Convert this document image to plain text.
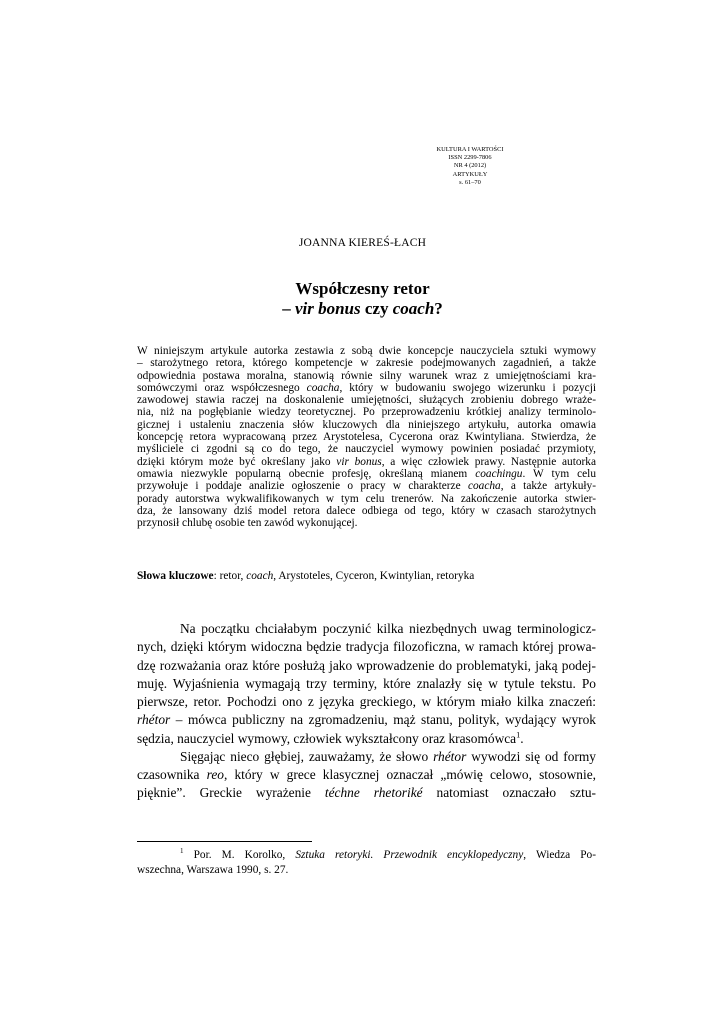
KULTURA I WARTOŚCI
ISSN 2299-7806
NR 4 (2012)
ARTYKUŁY
s. 61–70
JOANNA KIEREŚ-ŁACH
Współczesny retor
– vir bonus czy coach?
W niniejszym artykule autorka zestawia z sobą dwie koncepcje nauczyciela sztuki wymowy
– starożytnego retora, którego kompetencje w zakresie podejmowanych zagadnień, a także
odpowiednia postawa moralna, stanowią równie silny warunek wraz z umiejętnościami kra-
somówczymi oraz współczesnego coacha, który w budowaniu swojego wizerunku i pozycji
zawodowej stawia raczej na doskonalenie umiejętności, służących zrobieniu dobrego wraże-
nia, niż na pogłębianie wiedzy teoretycznej. Po przeprowadzeniu krótkiej analizy terminolo-
gicznej i ustaleniu znaczenia słów kluczowych dla niniejszego artykułu, autorka omawia
koncepcję retora wypracowaną przez Arystotelesa, Cycerona oraz Kwintyliana. Stwierdza, że
myśliciele ci zgodni są co do tego, że nauczyciel wymowy powinien posiadać przymioty,
dzięki którym może być określany jako vir bonus, a więc człowiek prawy. Następnie autorka
omawia niezwykle popularną obecnie profesję, określaną mianem coachingu. W tym celu
przywołuje i poddaje analizie ogłoszenie o pracy w charakterze coacha, a także artykuły-
porady autorstwa wykwalifikowanych w tym celu trenerów. Na zakończenie autorka stwier-
dza, że lansowany dziś model retora dalece odbiega od tego, który w czasach starożytnych
przynosił chlubę osobie ten zawód wykonującej.
Słowa kluczowe: retor, coach, Arystoteles, Cyceron, Kwintylian, retoryka
Na początku chciałabym poczynić kilka niezbędnych uwag terminologicz-
nych, dzięki którym widoczna będzie tradycja filozoficzna, w ramach której prowa-
dzę rozważania oraz które posłużą jako wprowadzenie do problematyki, jaką podej-
muję. Wyjaśnienia wymagają trzy terminy, które znalazły się w tytule tekstu. Po
pierwsze, retor. Pochodzi ono z języka greckiego, w którym miało kilka znaczeń:
rhétor – mówca publiczny na zgromadzeniu, mąż stanu, polityk, wydający wyrok
sędzia, nauczyciel wymowy, człowiek wykształcony oraz krasomówca$^1$.
Sięgając nieco głębiej, zauważamy, że słowo rhétor wywodzi się od formy
czasownika reo, który w grece klasycznej oznaczał „mówię celowo, stosownie,
pięknie”. Greckie wyrażenie téchne rhetoriké natomiast oznaczało sztu-
$^1$ Por. M. Korolko, Sztuka retoryki. Przewodnik encyklopedyczny, Wiedza Po-
wszechna, Warszawa 1990, s. 27.
